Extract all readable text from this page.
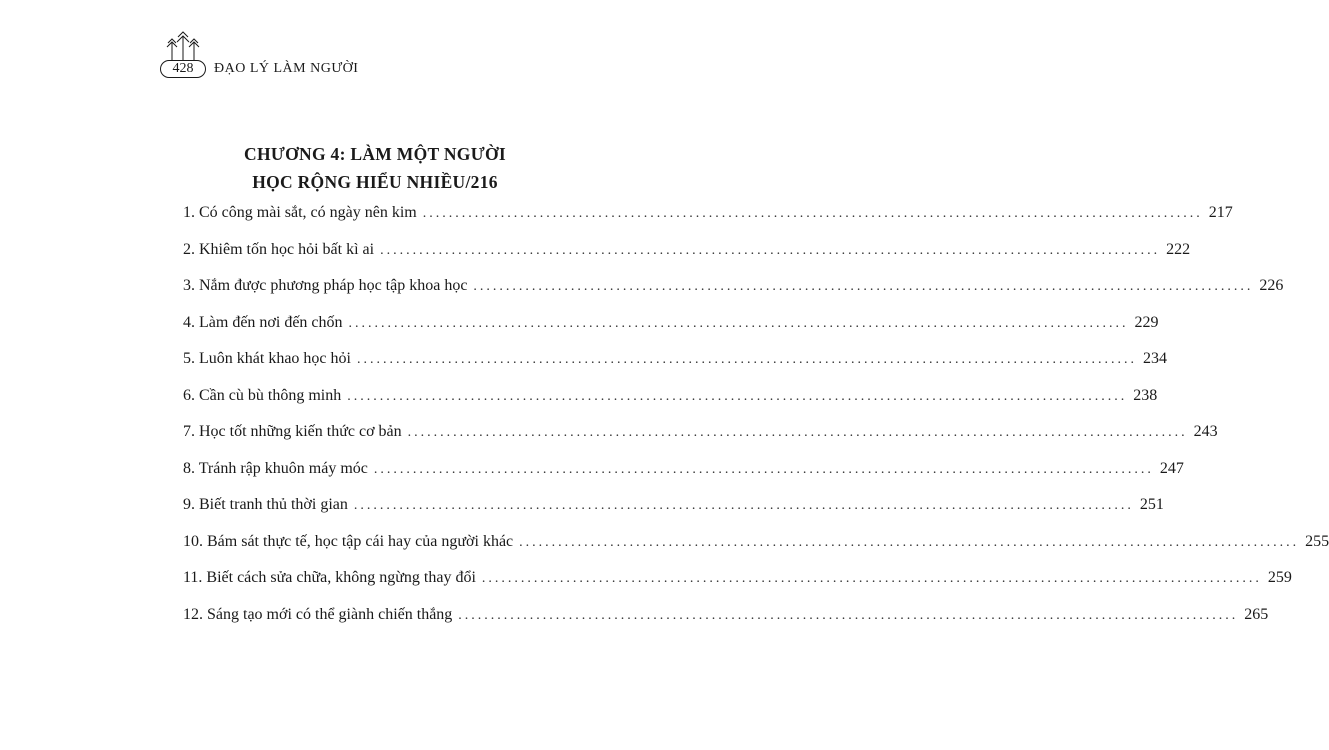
428	ĐẠO LÝ LÀM NGƯỜI
CHƯƠNG 4: LÀM MỘT NGƯỜI
HỌC RỘNG HIỂU NHIỀU/216
1. Có công mài sắt, có ngày nên kim ........................................................................................................................ 217
2. Khiêm tốn học hỏi bất kì ai ........................................................................................................................ 222
3. Nắm được phương pháp học tập khoa học ........................................................................................................................ 226
4. Làm đến nơi đến chốn ........................................................................................................................ 229
5. Luôn khát khao học hỏi ........................................................................................................................ 234
6. Cần cù bù thông minh ........................................................................................................................ 238
7. Học tốt những kiến thức cơ bản ........................................................................................................................ 243
8. Tránh rập khuôn máy móc ........................................................................................................................ 247
9. Biết tranh thủ thời gian ........................................................................................................................ 251
10. Bám sát thực tế, học tập cái hay của người khác ........................................................................................................................ 255
11. Biết cách sửa chữa, không ngừng thay đổi ........................................................................................................................ 259
12. Sáng tạo mới có thể giành chiến thắng ........................................................................................................................ 265
